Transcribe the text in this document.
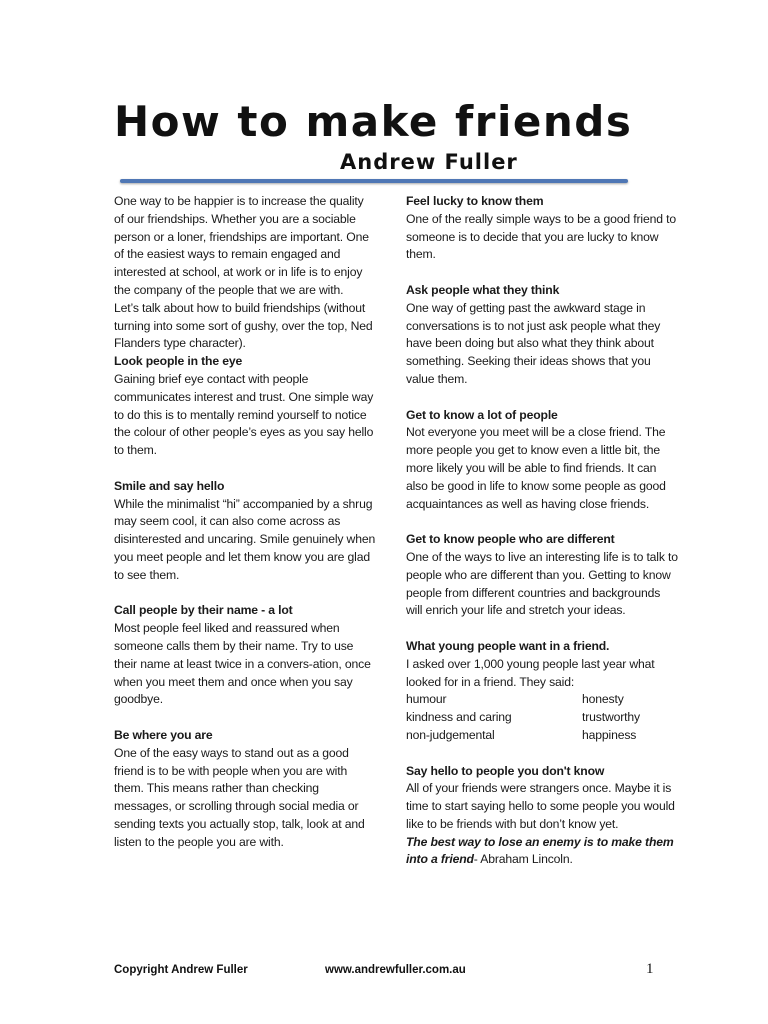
How to make friends
Andrew Fuller

One way to be happier is to increase the quality of our friendships. Whether you are a sociable person or a loner, friendships are important. One of the easiest ways to remain engaged and interested at school, at work or in life is to enjoy the company of the people that we are with.

Let’s talk about how to build friendships (without turning into some sort of gushy, over the top, Ned Flanders type character).

Look people in the eye

Gaining brief eye contact with people communicates interest and trust. One simple way to do this is to mentally remind yourself to notice the colour of other people’s eyes as you say hello to them.

Smile and say hello

While the minimalist “hi” accompanied by a shrug may seem cool, it can also come across as disinterested and uncaring. Smile genuinely when you meet people and let them know you are glad to see them.

Call people by their name - a lot

Most people feel liked and reassured when someone calls them by their name. Try to use their name at least twice in a convers-ation, once when you meet them and once when you say goodbye.

Be where you are

One of the easy ways to stand out as a good friend is to be with people when you are with them. This means rather than checking messages, or scrolling through social media or sending texts you actually stop, talk, look at and listen to the people you are with.

Feel lucky to know them

One of the really simple ways to be a good friend to someone is to decide that you are lucky to know them.

Ask people what they think

One way of getting past the awkward stage in conversations is to not just ask people what they have been doing but also what they think about something. Seeking their ideas shows that you value them.

Get to know a lot of people

Not everyone you meet will be a close friend. The more people you get to know even a little bit, the more likely you will be able to find friends. It can also be good in life to know some people as good acquaintances as well as having close friends.

Get to know people who are different

One of the ways to live an interesting life is to talk to people who are different than you. Getting to know people from different countries and backgrounds will enrich your life and stretch your ideas.

What young people want in a friend.

I asked over 1,000 young people last year what looked for in a friend. They said:

humour	honesty
kindness and caring	trustworthy
non-judgemental	happiness

Say hello to people you don't know

All of your friends were strangers once. Maybe it is time to start saying hello to some people you would like to be friends with but don’t know yet.

The best way to lose an enemy is to make them into a friend- Abraham Lincoln.

Copyright Andrew Fuller	www.andrewfuller.com.au	1
